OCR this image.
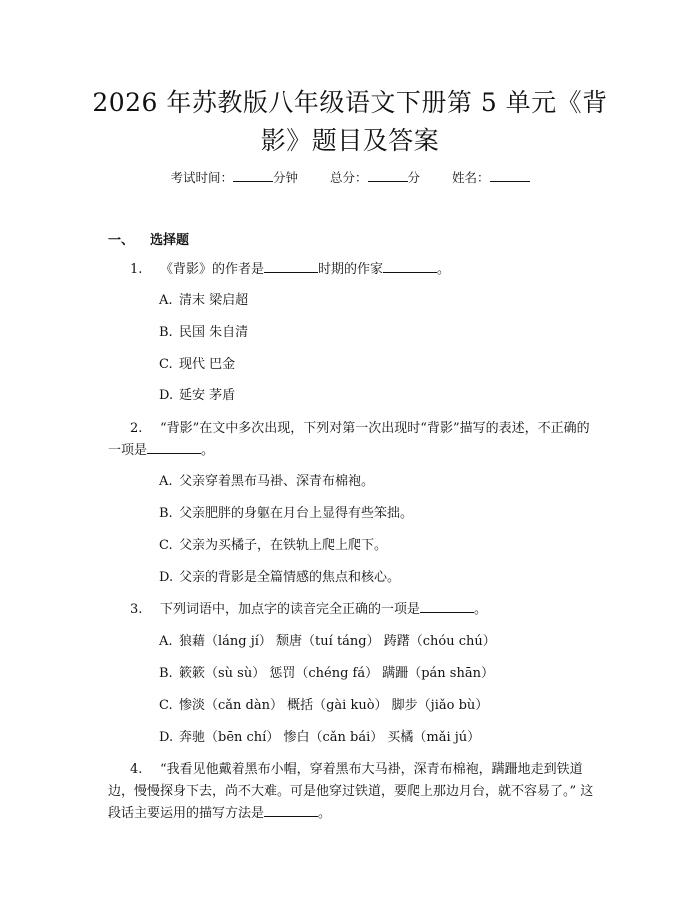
2026 年苏教版八年级语文下册第 5 单元《背
影》题目及答案
考试时间：	分钟	总分：	分	姓名：
一、 选择题
1. 《背影》的作者是	时期的作家	。
A. 清末 梁启超
B. 民国 朱自清
C. 现代 巴金
D. 延安 茅盾
2. “背影”在文中多次出现，下列对第一次出现时“背影”描写的表述，不正确的一项是	。
A. 父亲穿着黑布马褂、深青布棉袍。
B. 父亲肥胖的身躯在月台上显得有些笨拙。
C. 父亲为买橘子，在铁轨上爬上爬下。
D. 父亲的背影是全篇情感的焦点和核心。
3. 下列词语中，加点字的读音完全正确的一项是	。
A. 狼藉（láng jí） 颓唐（tuí táng） 踌躇（chóu chú）
B. 簌簌（sù sù） 惩罚（chéng fá） 蹒跚（pán shān）
C. 惨淡（cǎn dàn） 概括（gài kuò） 脚步（jiǎo bù）
D. 奔驰（bēn chí） 惨白（cǎn bái） 买橘（mǎi jú）
4. “我看见他戴着黑布小帽，穿着黑布大马褂，深青布棉袍，蹒跚地走到铁道边，慢慢探身下去，尚不大难。可是他穿过铁道，要爬上那边月台，就不容易了。” 这段话主要运用的描写方法是	。
